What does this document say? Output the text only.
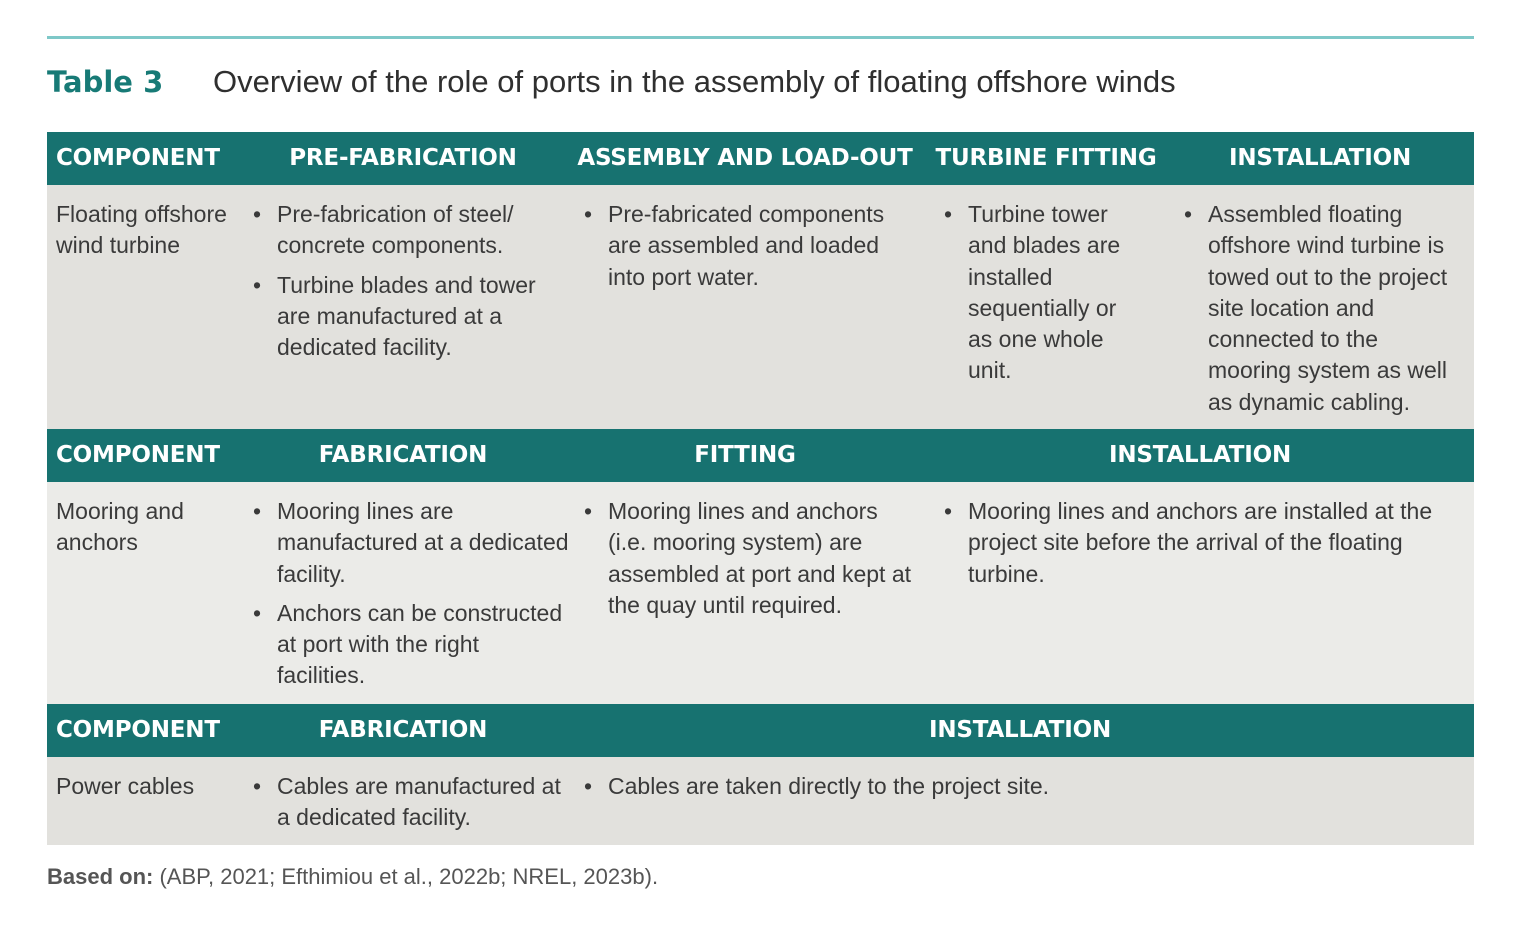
Table 3	Overview of the role of ports in the assembly of floating offshore winds
COMPONENT	PRE-FABRICATION	ASSEMBLY AND LOAD-OUT TURBINE FITTING	INSTALLATION
Floating offshore wind turbine
• Pre-fabrication of steel/ concrete components.
• Turbine blades and tower are manufactured at a dedicated facility.
• Pre-fabricated components are assembled and loaded into port water.
• Turbine tower and blades are installed sequentially or as one whole unit.
• Assembled floating offshore wind turbine is towed out to the project site location and connected to the mooring system as well as dynamic cabling.
COMPONENT	FABRICATION	FITTING	INSTALLATION
Mooring and anchors
• Mooring lines are manufactured at a dedicated facility.
• Anchors can be constructed at port with the right facilities.
• Mooring lines and anchors (i.e. mooring system) are assembled at port and kept at the quay until required.
• Mooring lines and anchors are installed at the project site before the arrival of the floating turbine.
COMPONENT	FABRICATION	INSTALLATION
Power cables
•	Cables are manufactured at a dedicated facility.
• Cables are taken directly to the project site.
Based on: (ABP, 2021; Efthimiou et al., 2022b; NREL, 2023b).
